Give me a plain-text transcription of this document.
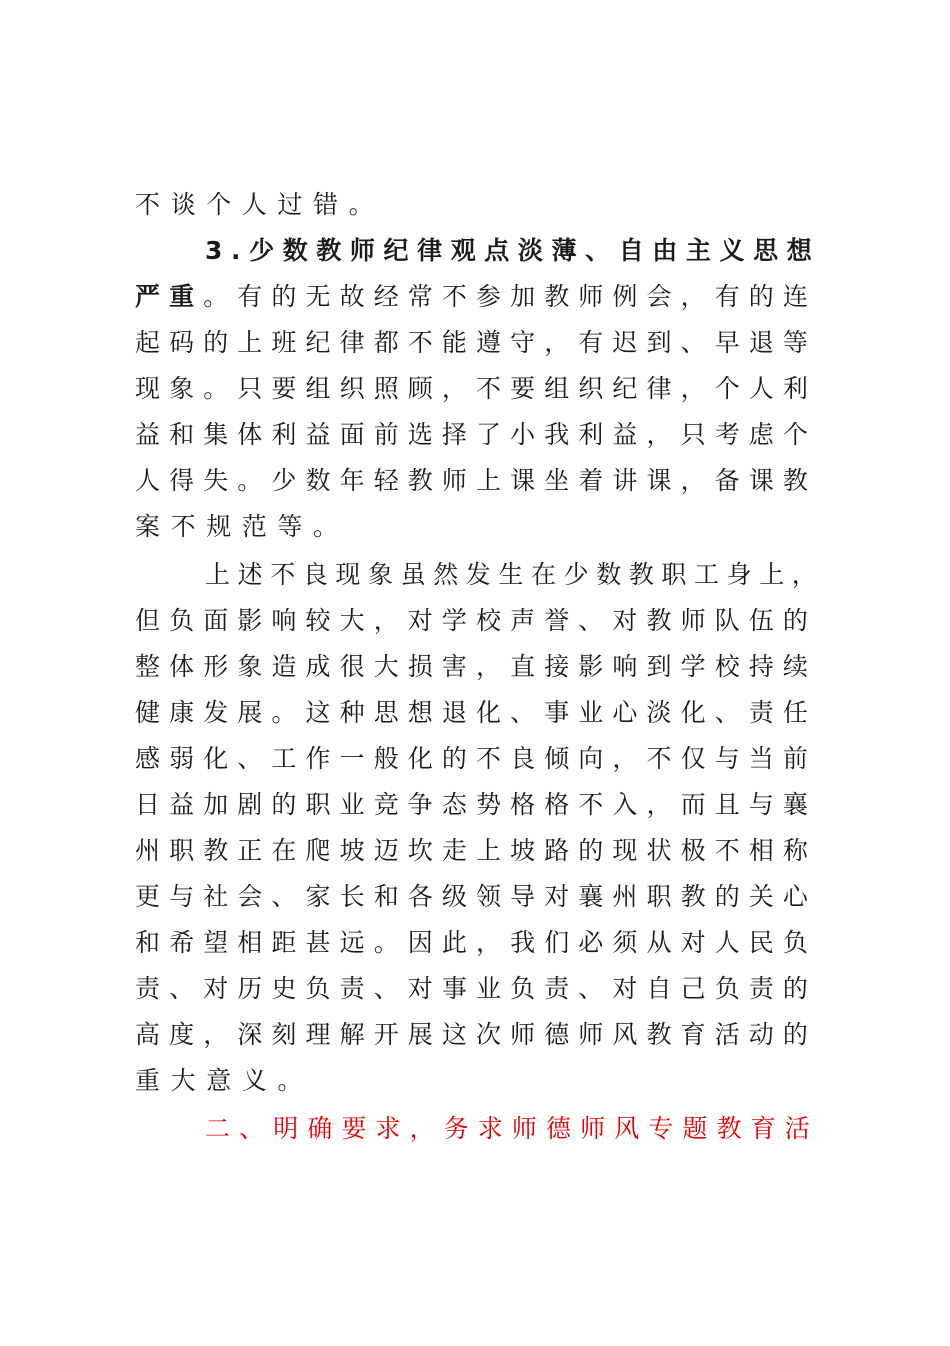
不谈个人过错。
3.少数教师纪律观点淡薄、自由主义思想
严重。有的无故经常不参加教师例会，有的连
起码的上班纪律都不能遵守，有迟到、早退等
现象。只要组织照顾，不要组织纪律，个人利
益和集体利益面前选择了小我利益，只考虑个
人得失。少数年轻教师上课坐着讲课，备课教
案不规范等。
上述不良现象虽然发生在少数教职工身上，
但负面影响较大，对学校声誉、对教师队伍的
整体形象造成很大损害，直接影响到学校持续
健康发展。这种思想退化、事业心淡化、责任
感弱化、工作一般化的不良倾向，不仅与当前
日益加剧的职业竞争态势格格不入，而且与襄
州职教正在爬坡迈坎走上坡路的现状极不相称
更与社会、家长和各级领导对襄州职教的关心
和希望相距甚远。因此，我们必须从对人民负
责、对历史负责、对事业负责、对自己负责的
高度，深刻理解开展这次师德师风教育活动的
重大意义。
二、明确要求，务求师德师风专题教育活
